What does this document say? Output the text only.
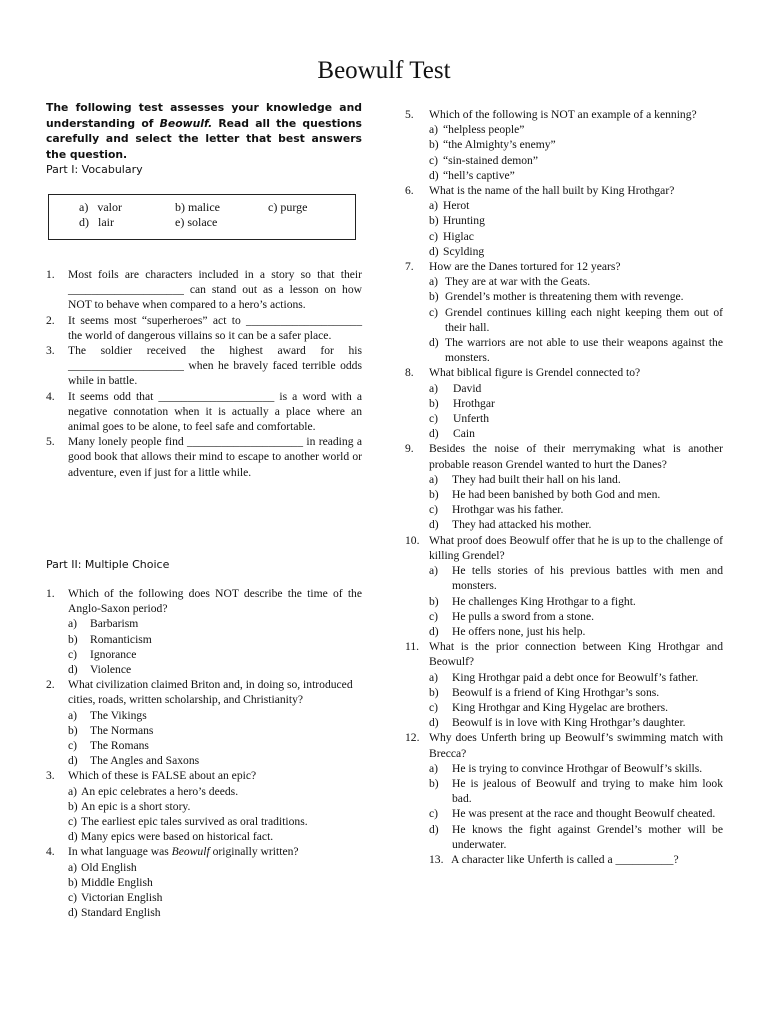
Beowulf Test
The following test assesses your knowledge and understanding of Beowulf. Read all the questions carefully and select the letter that best answers the question.
Part I: Vocabulary
a) valor	b) malice	c) purge
d) lair	e) solace
1.	Most foils are characters included in a story so that their ____________________ can stand out as a lesson on how NOT to behave when compared to a hero’s actions.
2.	It seems most “superheroes” act to ____________________ the world of dangerous villains so it can be a safer place.
3.	The soldier received the highest award for his ____________________ when he bravely faced terrible odds while in battle.
4.	It seems odd that ____________________ is a word with a negative connotation when it is actually a place where an animal goes to be alone, to feel safe and comfortable.
5.	Many lonely people find ____________________ in reading a good book that allows their mind to escape to another world or adventure, even if just for a little while.
Part II: Multiple Choice
1.	Which of the following does NOT describe the time of the Anglo-Saxon period?
a)	Barbarism
b)	Romanticism
c)	Ignorance
d)	Violence
2.	What civilization claimed Briton and, in doing so, introduced cities, roads, written scholarship, and Christianity?
a)	The Vikings
b)	The Normans
c)	The Romans
d)	The Angles and Saxons
3.	Which of these is FALSE about an epic?
a) An epic celebrates a hero’s deeds.
b) An epic is a short story.
c) The earliest epic tales survived as oral traditions.
d) Many epics were based on historical fact.
4.	In what language was Beowulf originally written?
a) Old English
b) Middle English
c) Victorian English
d) Standard English
5.	Which of the following is NOT an example of a kenning?
a) “helpless people”
b) “the Almighty’s enemy”
c) “sin-stained demon”
d) “hell’s captive”
6.	What is the name of the hall built by King Hrothgar?
a) Herot
b) Hrunting
c) Higlac
d) Scylding
7.	How are the Danes tortured for 12 years?
a) They are at war with the Geats.
b) Grendel’s mother is threatening them with revenge.
c) Grendel continues killing each night keeping them out of their hall.
d) The warriors are not able to use their weapons against the monsters.
8.	What biblical figure is Grendel connected to?
a)	David
b)	Hrothgar
c)	Unferth
d)	Cain
9.	Besides the noise of their merrymaking what is another probable reason Grendel wanted to hurt the Danes?
a)	They had built their hall on his land.
b)	He had been banished by both God and men.
c)	Hrothgar was his father.
d)	They had attacked his mother.
10. What proof does Beowulf offer that he is up to the challenge of killing Grendel?
a)	He tells stories of his previous battles with men and monsters.
b)	He challenges King Hrothgar to a fight.
c)	He pulls a sword from a stone.
d)	He offers none, just his help.
11. What is the prior connection between King Hrothgar and Beowulf?
a)	King Hrothgar paid a debt once for Beowulf’s father.
b)	Beowulf is a friend of King Hrothgar’s sons.
c)	King Hrothgar and King Hygelac are brothers.
d)	Beowulf is in love with King Hrothgar’s daughter.
12. Why does Unferth bring up Beowulf’s swimming match with Brecca?
a)	He is trying to convince Hrothgar of Beowulf’s skills.
b)	He is jealous of Beowulf and trying to make him look bad.
c)	He was present at the race and thought Beowulf cheated.
d)	He knows the fight against Grendel’s mother will be underwater.
13. A character like Unferth is called a __________?
